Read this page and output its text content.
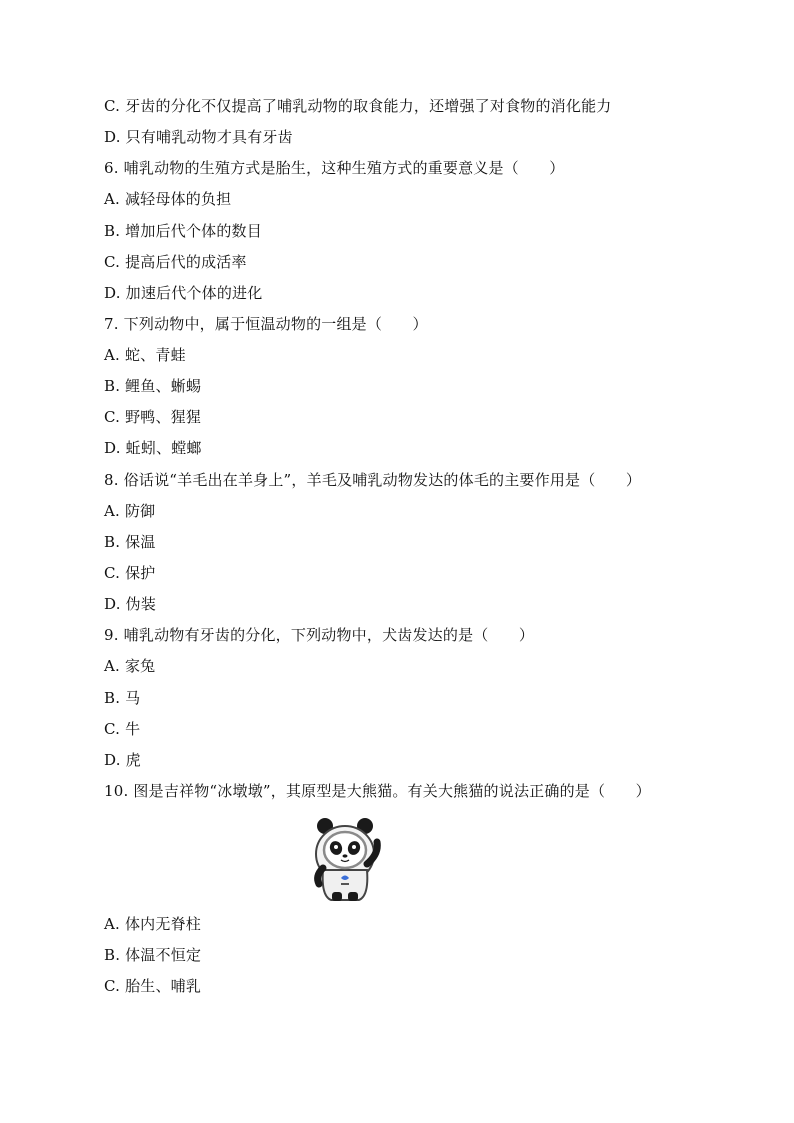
C. 牙齿的分化不仅提高了哺乳动物的取食能力，还增强了对食物的消化能力
D. 只有哺乳动物才具有牙齿
6. 哺乳动物的生殖方式是胎生，这种生殖方式的重要意义是（　　）
A. 减轻母体的负担
B. 增加后代个体的数目
C. 提高后代的成活率
D. 加速后代个体的进化
7. 下列动物中，属于恒温动物的一组是（　　）
A. 蛇、青蛙
B. 鲤鱼、蜥蜴
C. 野鸭、猩猩
D. 蚯蚓、螳螂
8. 俗话说“羊毛出在羊身上”，羊毛及哺乳动物发达的体毛的主要作用是（　　）
A. 防御
B. 保温
C. 保护
D. 伪装
9. 哺乳动物有牙齿的分化，下列动物中，犬齿发达的是（　　）
A. 家兔
B. 马
C. 牛
D. 虎
10. 图是吉祥物“冰墩墩”，其原型是大熊猫。有关大熊猫的说法正确的是（　　）
A. 体内无脊柱
B. 体温不恒定
C. 胎生、哺乳
